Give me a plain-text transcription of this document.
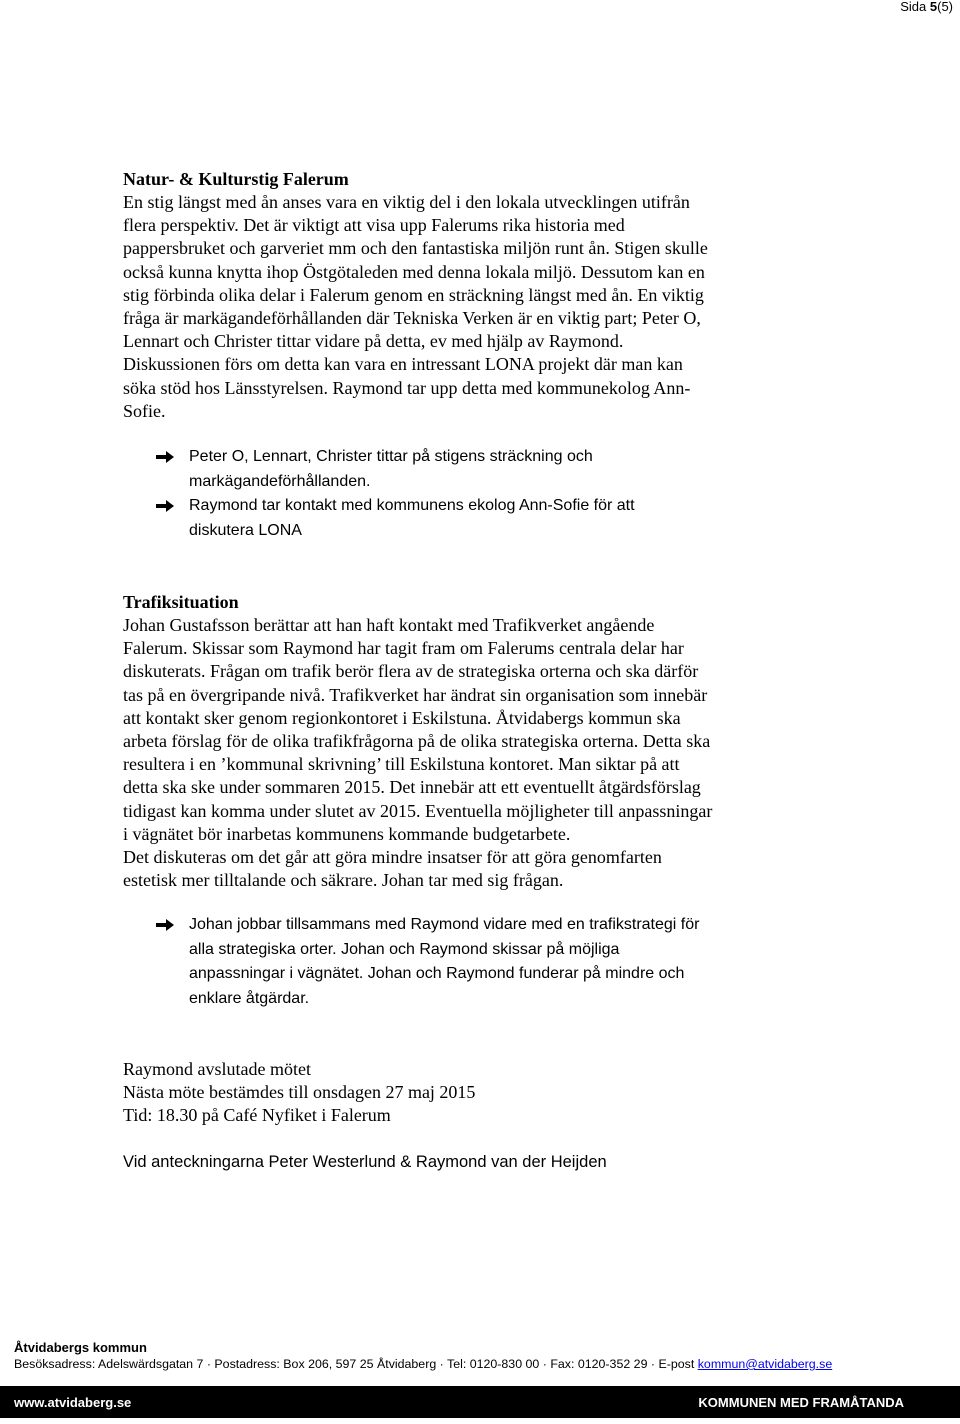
Sida 5(5)

Natur- & Kulturstig Falerum

En stig längst med ån anses vara en viktig del i den lokala utvecklingen utifrån
flera perspektiv. Det är viktigt att visa upp Falerums rika historia med
pappersbruket och garveriet mm och den fantastiska miljön runt ån. Stigen skulle
också kunna knytta ihop Östgötaleden med denna lokala miljö. Dessutom kan en
stig förbinda olika delar i Falerum genom en sträckning längst med ån. En viktig
fråga är markägandeförhållanden där Tekniska Verken är en viktig part; Peter O,
Lennart och Christer tittar vidare på detta, ev med hjälp av Raymond.
Diskussionen förs om detta kan vara en intressant LONA projekt där man kan
söka stöd hos Länsstyrelsen. Raymond tar upp detta med kommunekolog Ann-
Sofie.
Peter O, Lennart, Christer tittar på stigens sträckning och
markägandeförhållanden.
Raymond tar kontakt med kommunens ekolog Ann-Sofie för att
diskutera LONA

Trafiksituation

Johan Gustafsson berättar att han haft kontakt med Trafikverket angående
Falerum. Skissar som Raymond har tagit fram om Falerums centrala delar har
diskuterats. Frågan om trafik berör flera av de strategiska orterna och ska därför
tas på en övergripande nivå. Trafikverket har ändrat sin organisation som innebär
att kontakt sker genom regionkontoret i Eskilstuna. Åtvidabergs kommun ska
arbeta förslag för de olika trafikfrågorna på de olika strategiska orterna. Detta ska
resultera i en ’kommunal skrivning’ till Eskilstuna kontoret. Man siktar på att
detta ska ske under sommaren 2015. Det innebär att ett eventuellt åtgärdsförslag
tidigast kan komma under slutet av 2015. Eventuella möjligheter till anpassningar
i vägnätet bör inarbetas kommunens kommande budgetarbete.
Det diskuteras om det går att göra mindre insatser för att göra genomfarten
estetisk mer tilltalande och säkrare. Johan tar med sig frågan.
Johan jobbar tillsammans med Raymond vidare med en trafikstrategi för
alla strategiska orter. Johan och Raymond skissar på möjliga
anpassningar i vägnätet. Johan och Raymond funderar på mindre och
enklare åtgärdar.
Raymond avslutade mötet
Nästa möte bestämdes till onsdagen 27 maj 2015
Tid: 18.30 på Café Nyfiket i Falerum
Vid anteckningarna Peter Westerlund & Raymond van der Heijden
Åtvidabergs kommun
Besöksadress: Adelswärdsgatan 7 · Postadress: Box 206, 597 25 Åtvidaberg · Tel: 0120-830 00 · Fax: 0120-352 29 · E-post kommun@atvidaberg.se
www.atvidaberg.se	KOMMUNEN MED FRAMÅTANDA
